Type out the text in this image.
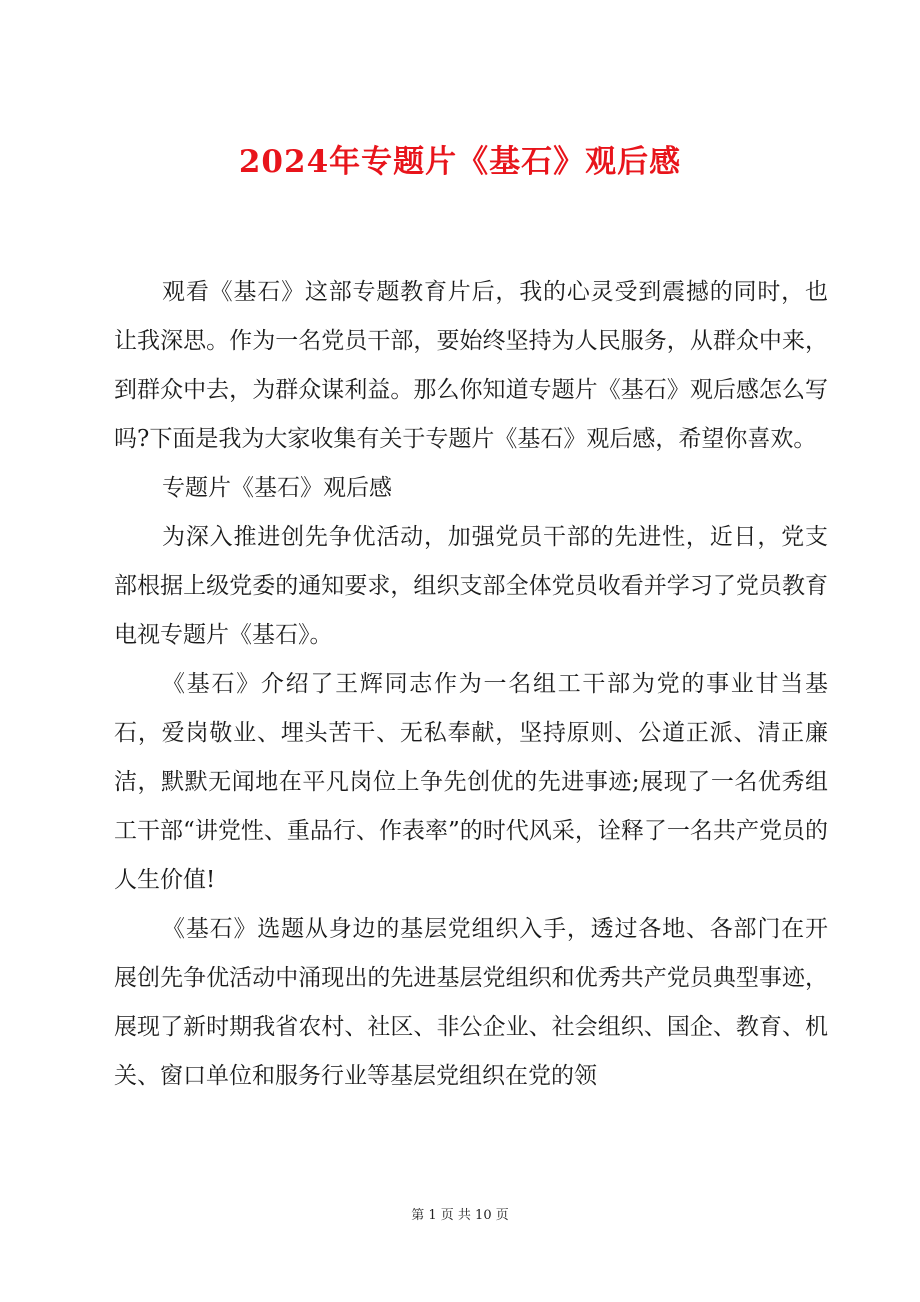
2024年专题片《基石》观后感

观看《基石》这部专题教育片后，我的心灵受到震撼的同时，也让我深思。作为一名党员干部，要始终坚持为人民服务，从群众中来，到群众中去，为群众谋利益。那么你知道专题片《基石》观后感怎么写吗?下面是我为大家收集有关于专题片《基石》观后感，希望你喜欢。

专题片《基石》观后感

为深入推进创先争优活动，加强党员干部的先进性，近日，党支部根据上级党委的通知要求，组织支部全体党员收看并学习了党员教育电视专题片《基石》。

《基石》介绍了王辉同志作为一名组工干部为党的事业甘当基石，爱岗敬业、埋头苦干、无私奉献，坚持原则、公道正派、清正廉洁，默默无闻地在平凡岗位上争先创优的先进事迹;展现了一名优秀组工干部“讲党性、重品行、作表率”的时代风采，诠释了一名共产党员的人生价值!

《基石》选题从身边的基层党组织入手，透过各地、各部门在开展创先争优活动中涌现出的先进基层党组织和优秀共产党员典型事迹，展现了新时期我省农村、社区、非公企业、社会组织、国企、教育、机关、窗口单位和服务行业等基层党组织在党的领

第 1 页 共 10 页
